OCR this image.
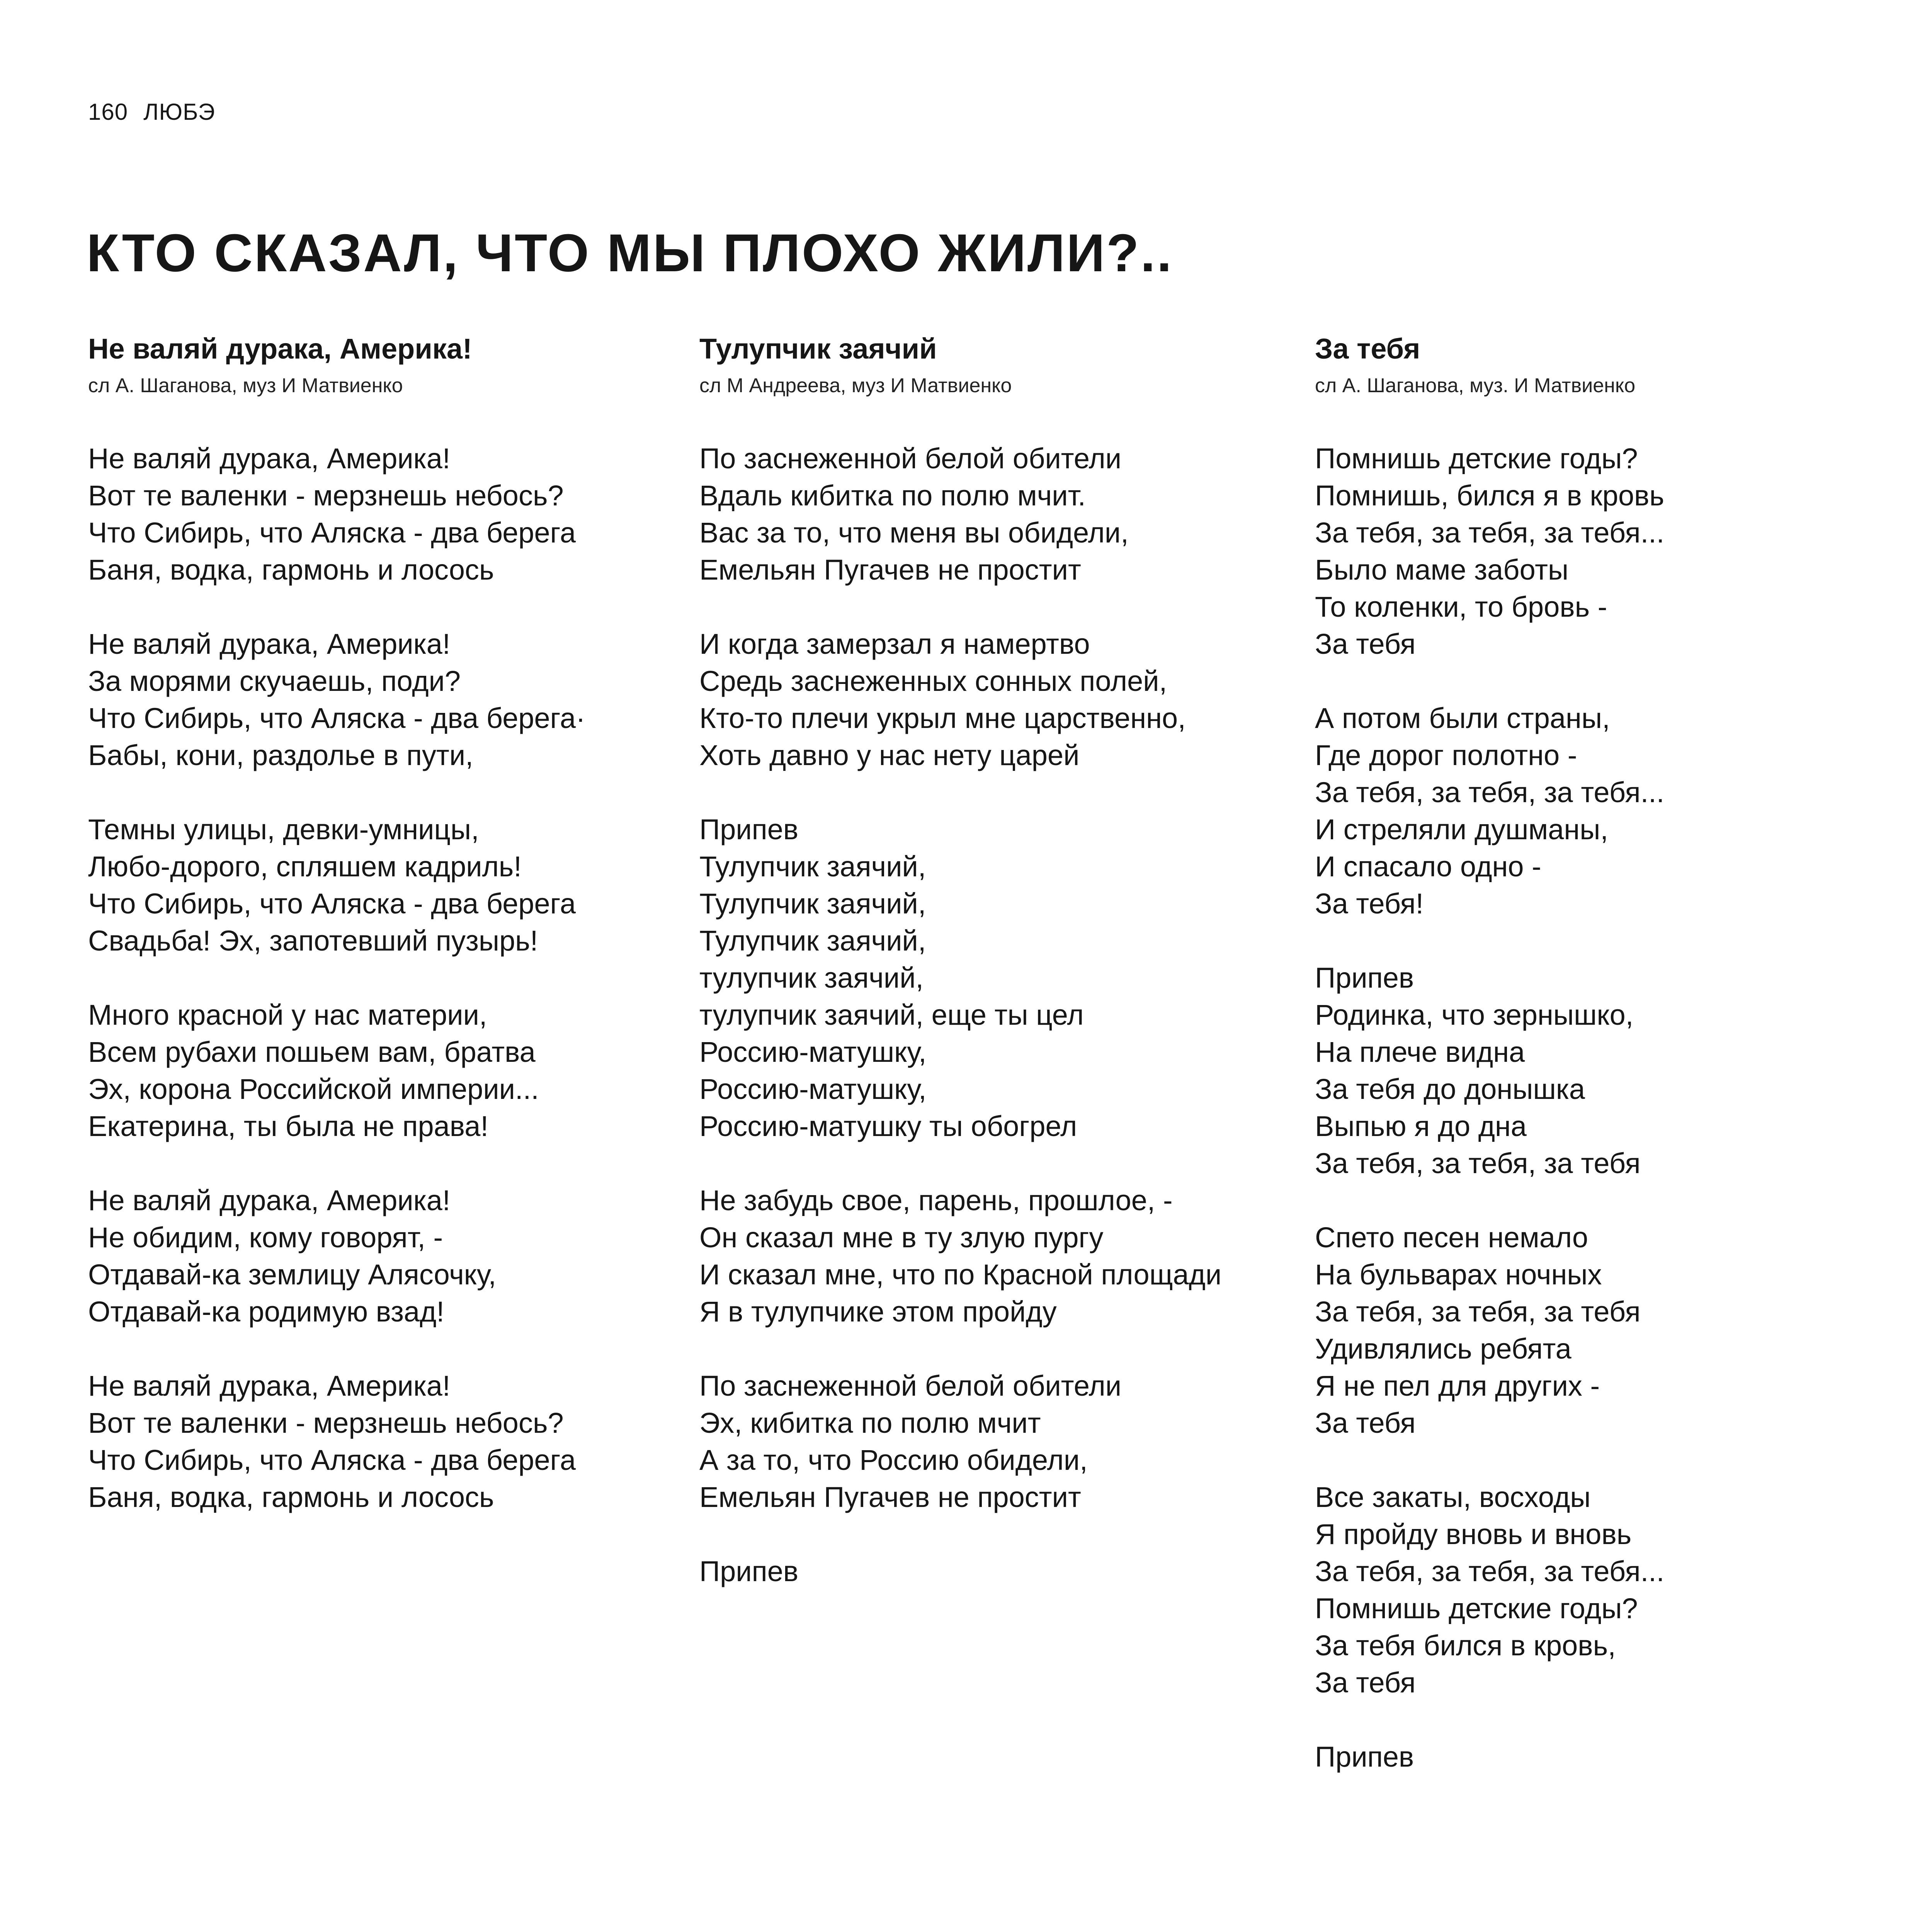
160 ЛЮБЭ
КТО СКАЗАЛ, ЧТО МЫ ПЛОХО ЖИЛИ?..
Не валяй дурака, Америка!

сл А. Шаганова, муз И Матвиенко

Не валяй дурака, Америка!
Вот те валенки - мерзнешь небось?
Что Сибирь, что Аляска - два берега
Баня, водка, гармонь и лосось
Не валяй дурака, Америка!
За морями скучаешь, поди?
Что Сибирь, что Аляска - два берега·
Бабы, кони, раздолье в пути,
Темны улицы, девки-умницы,
Любо-дорого, спляшем кадриль!
Что Сибирь, что Аляска - два берега
Свадьба! Эх, запотевший пузырь!
Много красной у нас материи,
Всем рубахи пошьем вам, братва
Эх, корона Российской империи...
Екатерина, ты была не права!
Не валяй дурака, Америка!
Не обидим, кому говорят, -
Отдавай-ка землицу Алясочку,
Отдавай-ка родимую взад!
Не валяй дурака, Америка!
Вот те валенки - мерзнешь небось?
Что Сибирь, что Аляска - два берега
Баня, водка, гармонь и лосось
Тулупчик заячий

сл М Андреева, муз И Матвиенко

По заснеженной белой обители
Вдаль кибитка по полю мчит.
Вас за то, что меня вы обидели,
Емельян Пугачев не простит
И когда замерзал я намертво
Средь заснеженных сонных полей,
Кто-то плечи укрыл мне царственно,
Хоть давно у нас нету царей
Припев
Тулупчик заячий,
Тулупчик заячий,
Тулупчик заячий,
тулупчик заячий,
тулупчик заячий, еще ты цел
Россию-матушку,
Россию-матушку,
Россию-матушку ты обогрел
Не забудь свое, парень, прошлое, -
Он сказал мне в ту злую пургу
И сказал мне, что по Красной площади
Я в тулупчике этом пройду
По заснеженной белой обители
Эх, кибитка по полю мчит
А за то, что Россию обидели,
Емельян Пугачев не простит
Припев
За тебя

сл А. Шаганова, муз. И Матвиенко

Помнишь детские годы?
Помнишь, бился я в кровь
За тебя, за тебя, за тебя...
Было маме заботы
То коленки, то бровь -
За тебя
А потом были страны,
Где дорог полотно -
За тебя, за тебя, за тебя...
И стреляли душманы,
И спасало одно -
За тебя!
Припев
Родинка, что зернышко,
На плече видна
За тебя до донышка
Выпью я до дна
За тебя, за тебя, за тебя
Спето песен немало
На бульварах ночных
За тебя, за тебя, за тебя
Удивлялись ребята
Я не пел для других -
За тебя
Все закаты, восходы
Я пройду вновь и вновь
За тебя, за тебя, за тебя...
Помнишь детские годы?
За тебя бился в кровь,
За тебя
Припев
